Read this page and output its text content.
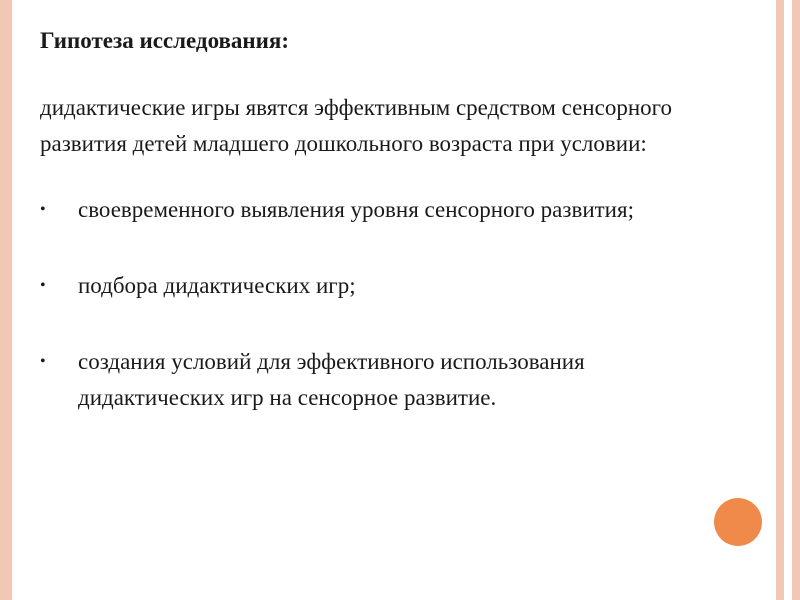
Гипотеза исследования:

дидактические игры явятся эффективным средством сенсорного развития детей младшего дошкольного возраста при условии:

• своевременного выявления уровня сенсорного развития;
• подбора дидактических игр;
• создания условий для эффективного использования дидактических игр на сенсорное развитие.
